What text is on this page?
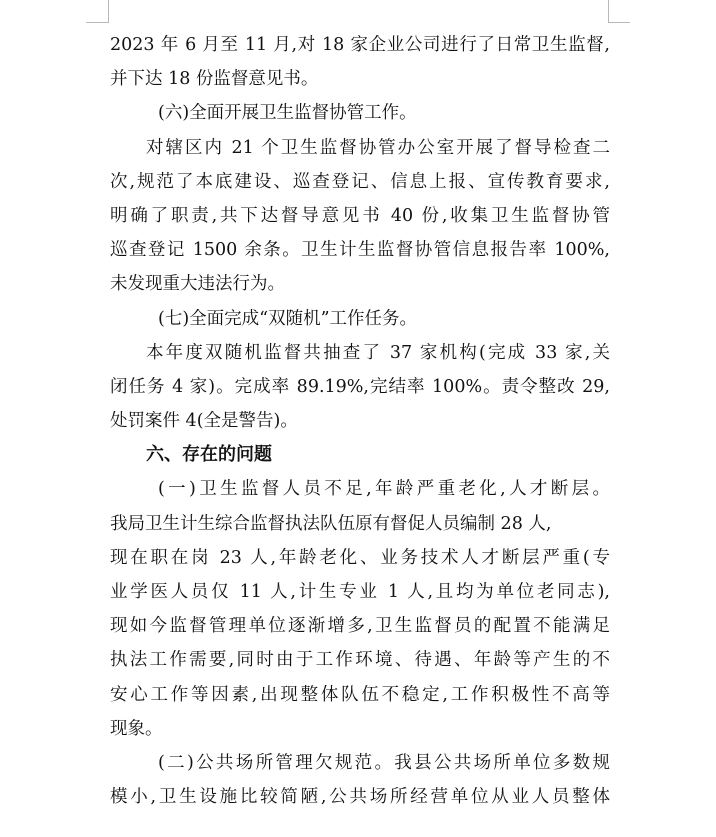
2023 年 6 月至 11 月,对 18 家企业公司进行了日常卫生监督,
并下达 18 份监督意见书。
(六)全面开展卫生监督协管工作。
对辖区内 21 个卫生监督协管办公室开展了督导检查二
次,规范了本底建设、巡查登记、信息上报、宣传教育要求,
明确了职责,共下达督导意见书 40 份,收集卫生监督协管
巡查登记 1500 余条。卫生计生监督协管信息报告率 100%,
未发现重大违法行为。
(七)全面完成“双随机”工作任务。
本年度双随机监督共抽查了 37 家机构(完成 33 家,关
闭任务 4 家)。完成率 89.19%,完结率 100%。责令整改 29,
处罚案件 4(全是警告)。
六、存在的问题
(一)卫生监督人员不足,年龄严重老化,人才断层。
我局卫生计生综合监督执法队伍原有督促人员编制 28 人,
现在职在岗 23 人,年龄老化、业务技术人才断层严重(专
业学医人员仅 11 人,计生专业 1 人,且均为单位老同志),
现如今监督管理单位逐渐增多,卫生监督员的配置不能满足
执法工作需要,同时由于工作环境、待遇、年龄等产生的不
安心工作等因素,出现整体队伍不稳定,工作积极性不高等
现象。
(二)公共场所管理欠规范。我县公共场所单位多数规
模小,卫生设施比较简陋,公共场所经营单位从业人员整体
